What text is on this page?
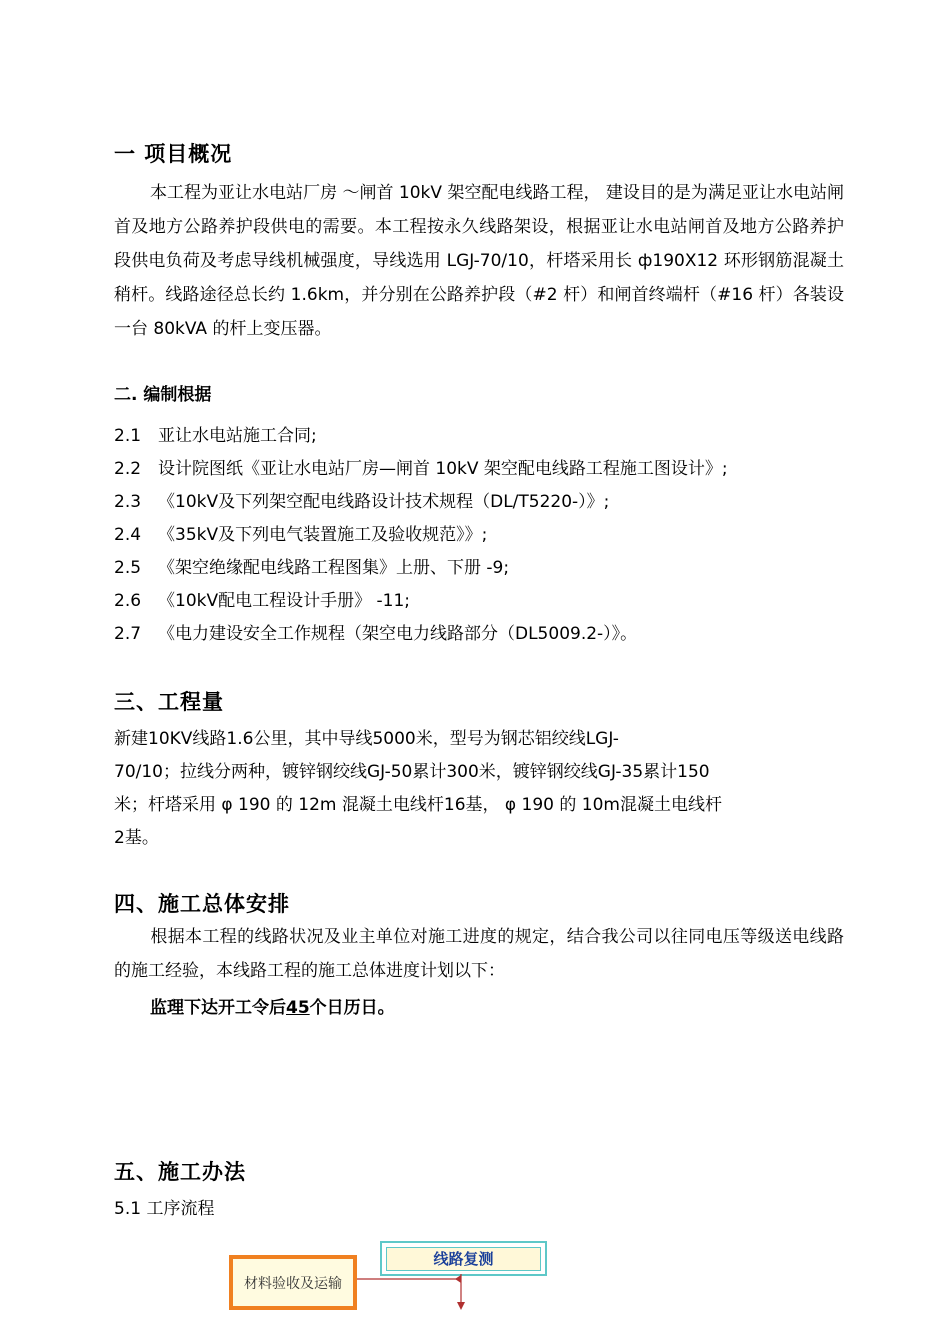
一 项目概况

本工程为亚让水电站厂房 ～闸首 10kV 架空配电线路工程， 建设目的是为满足亚让水电站闸首及地方公路养护段供电的需要。本工程按永久线路架设，根据亚让水电站闸首及地方公路养护段供电负荷及考虑导线机械强度，导线选用 LGJ-70/10，杆塔采用长 ф190X12 环形钢筋混凝土稍杆。线路途径总长约 1.6km，并分别在公路养护段（#2 杆）和闸首终端杆（#16 杆）各装设一台 80kVA 的杆上变压器。

二. 编制根据
2.1 亚让水电站施工合同;
2.2 设计院图纸《亚让水电站厂房—闸首 10kV 架空配电线路工程施工图设计》;
2.3 《10kV及下列架空配电线路设计技术规程（DL/T5220-）》;
2.4 《35kV及下列电气装置施工及验收规范》》;
2.5 《架空绝缘配电线路工程图集》上册、下册 -9;
2.6 《10kV配电工程设计手册》 -11;
2.7 《电力建设安全工作规程（架空电力线路部分（DL5009.2-）》。
三、工程量
新建10KV线路1.6公里，其中导线5000米，型号为钢芯铝绞线LGJ-
70/10；拉线分两种，镀锌钢绞线GJ-50累计300米，镀锌钢绞线GJ-35累计150
米；杆塔采用 φ 190 的 12m 混凝土电线杆16基， φ 190 的 10m混凝土电线杆
2基。
四、施工总体安排

根据本工程的线路状况及业主单位对施工进度的规定，结合我公司以往同电压等级送电线路的施工经验，本线路工程的施工总体进度计划以下：

监理下达开工令后45个日历日。
五、施工办法
5.1 工序流程
材料验收及运输
线路复测
